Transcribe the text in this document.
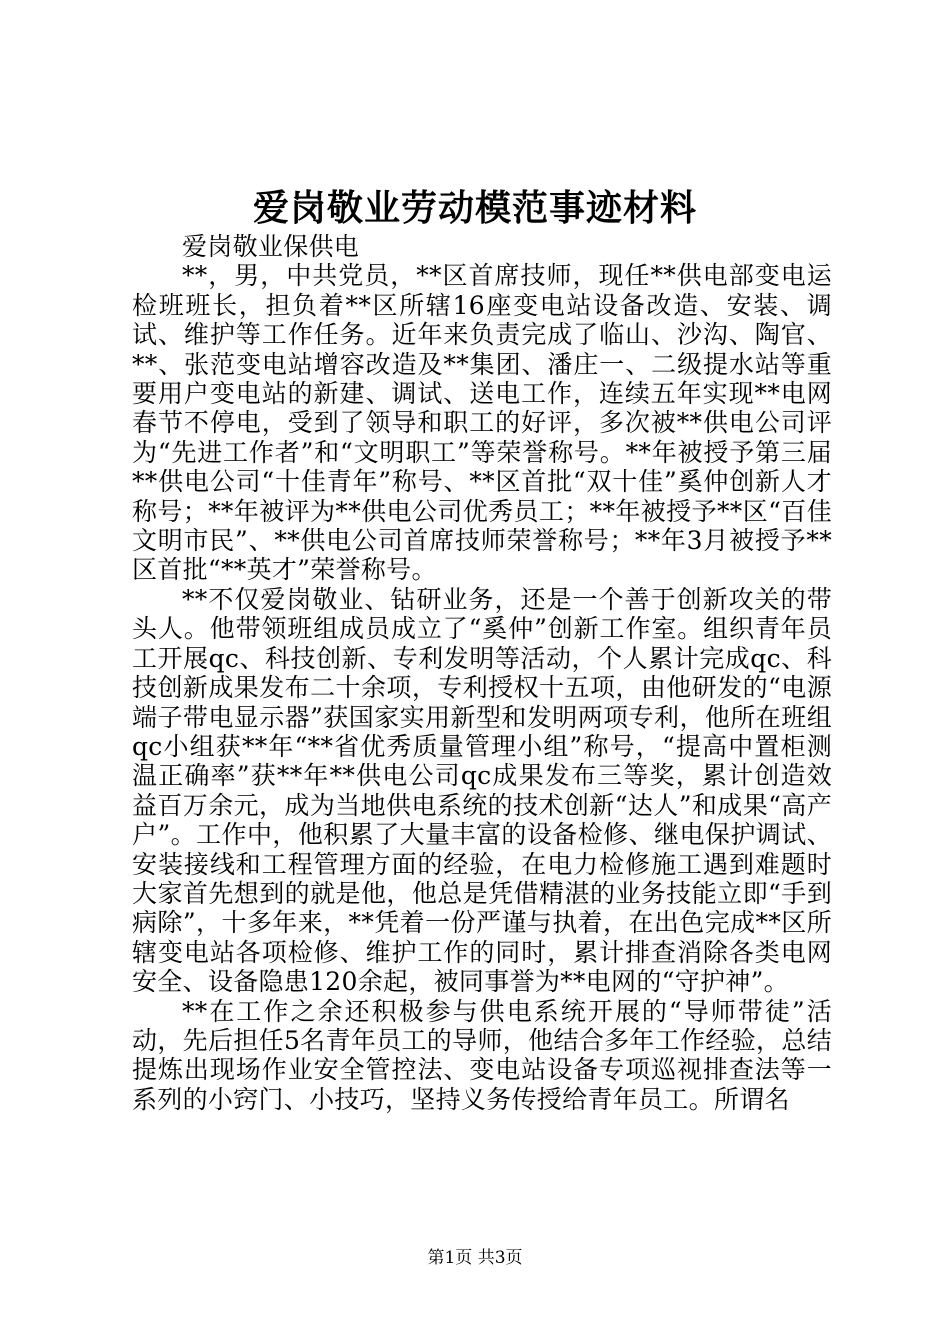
爱岗敬业劳动模范事迹材料

爱岗敬业保供电

**，男，中共党员，**区首席技师，现任**供电部变电运检班班长，担负着**区所辖16座变电站设备改造、安装、调试、维护等工作任务。近年来负责完成了临山、沙沟、陶官、**、张范变电站增容改造及**集团、潘庄一、二级提水站等重要用户变电站的新建、调试、送电工作，连续五年实现**电网春节不停电，受到了领导和职工的好评，多次被**供电公司评为“先进工作者”和“文明职工”等荣誉称号。**年被授予第三届**供电公司“十佳青年”称号、**区首批“双十佳”奚仲创新人才称号；**年被评为**供电公司优秀员工；**年被授予**区“百佳文明市民”、**供电公司首席技师荣誉称号；**年3月被授予**区首批“**英才”荣誉称号。

**不仅爱岗敬业、钻研业务，还是一个善于创新攻关的带头人。他带领班组成员成立了“奚仲”创新工作室。组织青年员工开展qc、科技创新、专利发明等活动，个人累计完成qc、科技创新成果发布二十余项，专利授权十五项，由他研发的“电源端子带电显示器”获国家实用新型和发明两项专利，他所在班组qc小组获**年“**省优秀质量管理小组”称号，“提高中置柜测温正确率”获**年**供电公司qc成果发布三等奖，累计创造效益百万余元，成为当地供电系统的技术创新“达人”和成果“高产户”。工作中，他积累了大量丰富的设备检修、继电保护调试、安装接线和工程管理方面的经验，在电力检修施工遇到难题时大家首先想到的就是他，他总是凭借精湛的业务技能立即“手到病除”，十多年来，**凭着一份严谨与执着，在出色完成**区所辖变电站各项检修、维护工作的同时，累计排查消除各类电网安全、设备隐患120余起，被同事誉为**电网的“守护神”。

**在工作之余还积极参与供电系统开展的“导师带徒”活动，先后担任5名青年员工的导师，他结合多年工作经验，总结提炼出现场作业安全管控法、变电站设备专项巡视排查法等一系列的小窍门、小技巧，坚持义务传授给青年员工。所谓名

第1页 共3页
